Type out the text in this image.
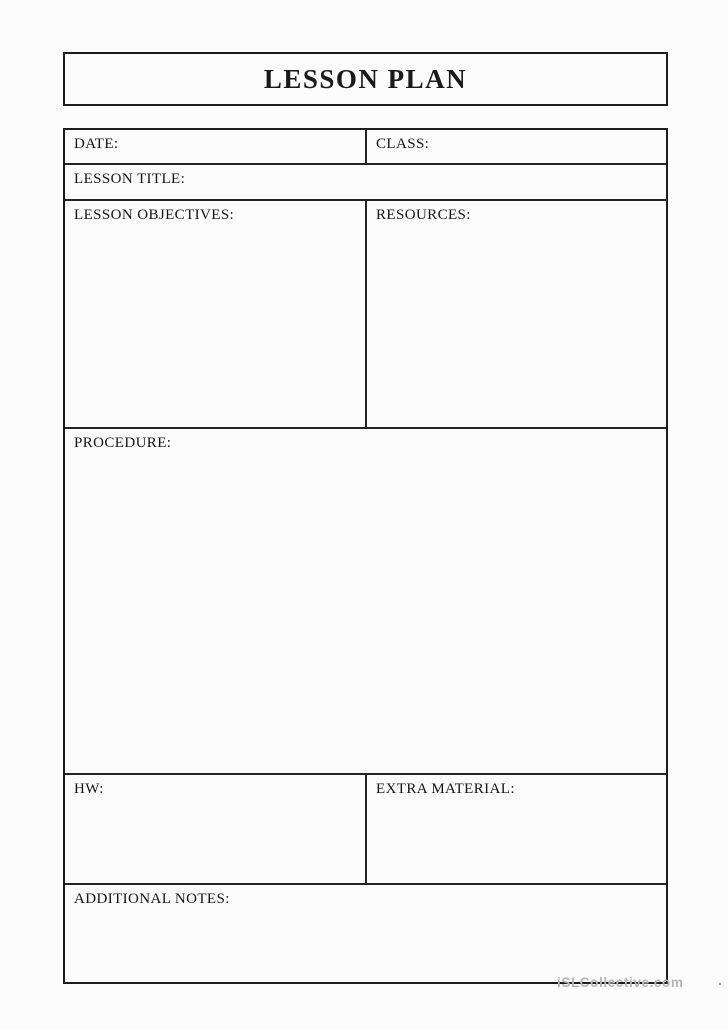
LESSON PLAN
DATE:	CLASS:
LESSON TITLE:
LESSON OBJECTIVES:	RESOURCES:
PROCEDURE:
HW:	EXTRA MATERIAL:
ADDITIONAL NOTES:
iSLCollective.com .
